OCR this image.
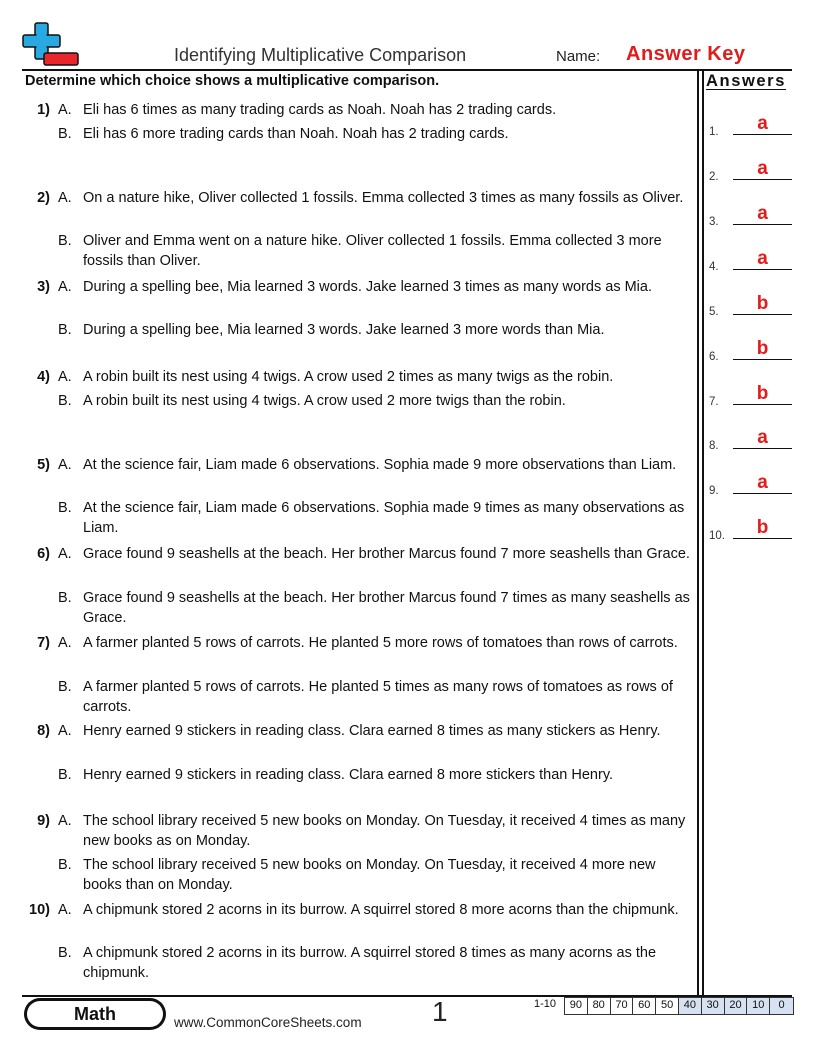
Identifying Multiplicative Comparison	Name: Answer Key
Determine which choice shows a multiplicative comparison.	Answers
1) A. Eli has 6 times as many trading cards as Noah. Noah has 2 trading cards.
B. Eli has 6 more trading cards than Noah. Noah has 2 trading cards.
2) A. On a nature hike, Oliver collected 1 fossils. Emma collected 3 times as many fossils as Oliver.
B. Oliver and Emma went on a nature hike. Oliver collected 1 fossils. Emma collected 3 more fossils than Oliver.
3) A. During a spelling bee, Mia learned 3 words. Jake learned 3 times as many words as Mia.
B. During a spelling bee, Mia learned 3 words. Jake learned 3 more words than Mia.
4) A. A robin built its nest using 4 twigs. A crow used 2 times as many twigs as the robin.
B. A robin built its nest using 4 twigs. A crow used 2 more twigs than the robin.
5) A. At the science fair, Liam made 6 observations. Sophia made 9 more observations than Liam.
B. At the science fair, Liam made 6 observations. Sophia made 9 times as many observations as Liam.
6) A. Grace found 9 seashells at the beach. Her brother Marcus found 7 more seashells than Grace.
B. Grace found 9 seashells at the beach. Her brother Marcus found 7 times as many seashells as Grace.
7) A. A farmer planted 5 rows of carrots. He planted 5 more rows of tomatoes than rows of carrots.
B. A farmer planted 5 rows of carrots. He planted 5 times as many rows of tomatoes as rows of carrots.
8) A. Henry earned 9 stickers in reading class. Clara earned 8 times as many stickers as Henry.
B. Henry earned 9 stickers in reading class. Clara earned 8 more stickers than Henry.
9) A. The school library received 5 new books on Monday. On Tuesday, it received 4 times as many new books as on Monday.
B. The school library received 5 new books on Monday. On Tuesday, it received 4 more new books than on Monday.
10) A. A chipmunk stored 2 acorns in its burrow. A squirrel stored 8 more acorns than the chipmunk.
B. A chipmunk stored 2 acorns in its burrow. A squirrel stored 8 times as many acorns as the chipmunk.
1.	a
2.	a
3.	a
4.	a
5.	b
6.	b
7.	b
8.	a
9.	a
10.	b
Math	www.CommonCoreSheets.com	1	1-10	90 80 70 60 50 40 30 20 10	0
